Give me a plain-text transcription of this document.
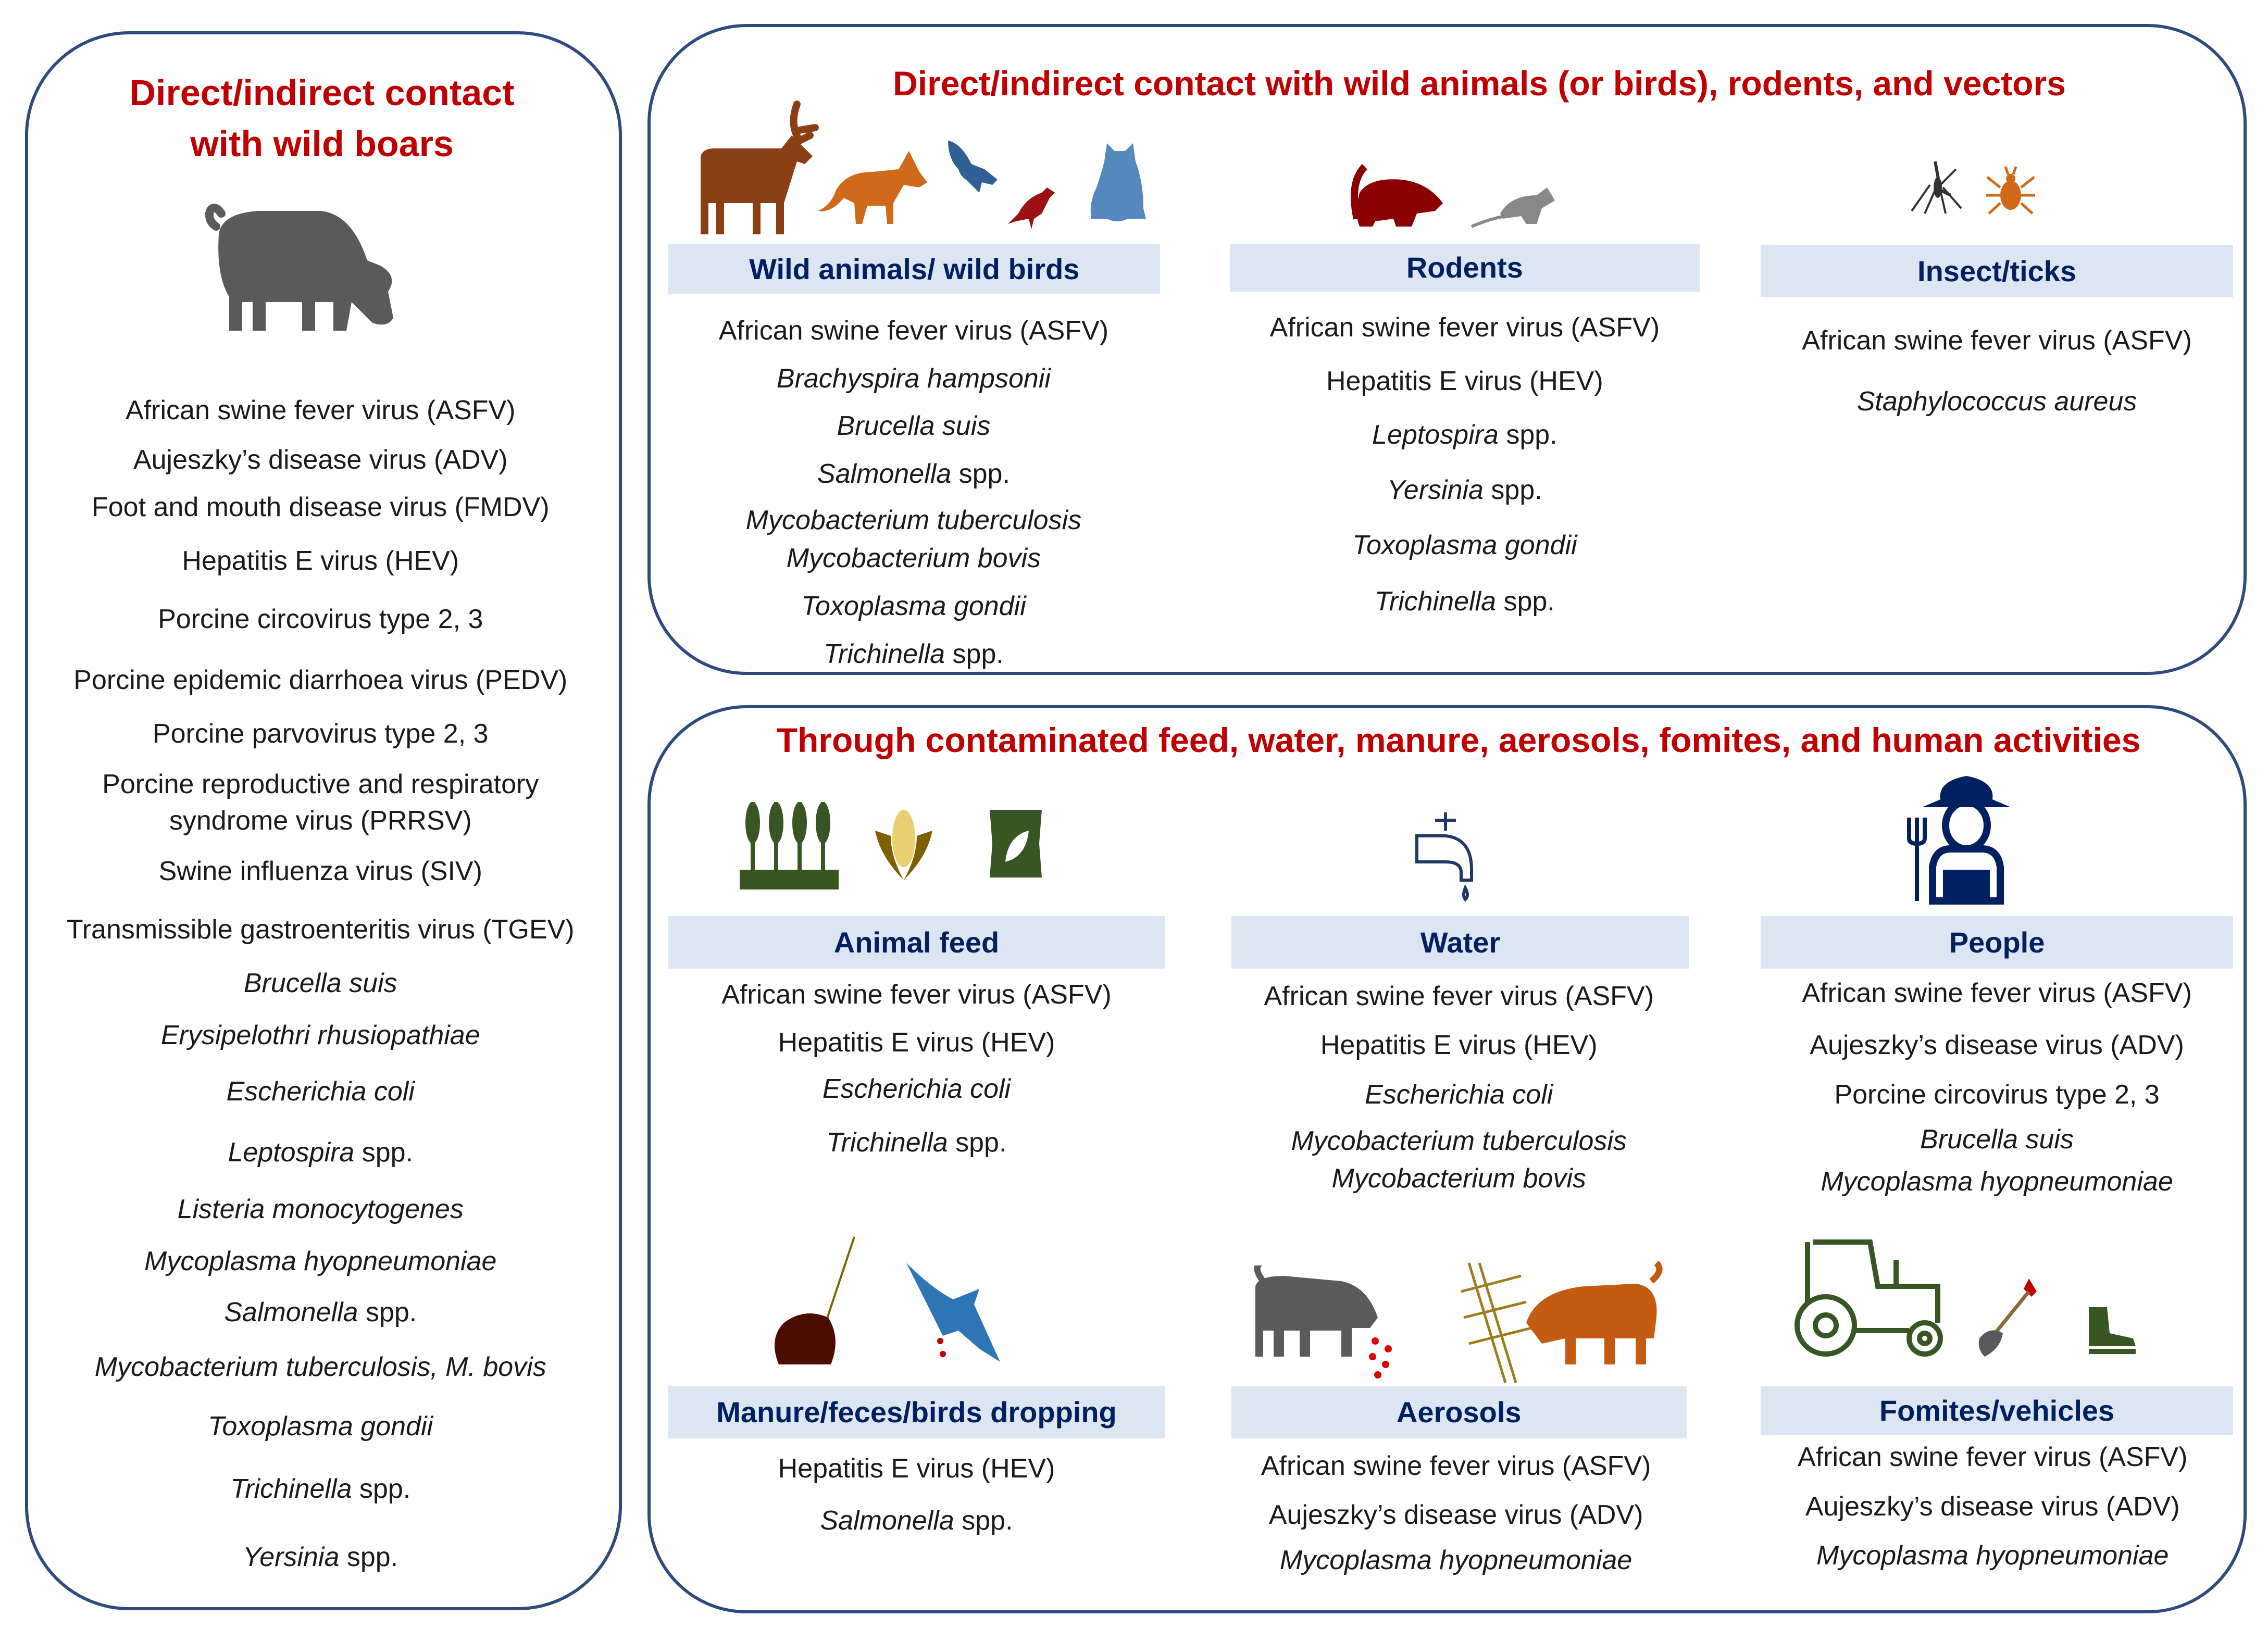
Direct/indirect contact
with wild boars
African swine fever virus (ASFV)
Aujeszky’s disease virus (ADV)
Foot and mouth disease virus (FMDV)
Hepatitis E virus (HEV)
Porcine circovirus type 2, 3
Porcine epidemic diarrhoea virus (PEDV)
Porcine parvovirus type 2, 3
Porcine reproductive and respiratory
syndrome virus (PRRSV)
Swine influenza virus (SIV)
Transmissible gastroenteritis virus (TGEV)
Brucella suis
Erysipelothri rhusiopathiae
Escherichia coli
Leptospira spp.
Listeria monocytogenes
Mycoplasma hyopneumoniae
Salmonella spp.
Mycobacterium tuberculosis, M. bovis
Toxoplasma gondii
Trichinella spp.
Yersinia spp.
Direct/indirect contact with wild animals (or birds), rodents, and vectors
Wild animals/ wild birds
African swine fever virus (ASFV)
Brachyspira hampsonii
Brucella suis
Salmonella spp.
Mycobacterium tuberculosis
Mycobacterium bovis
Toxoplasma gondii
Trichinella spp.
Rodents
African swine fever virus (ASFV)
Hepatitis E virus (HEV)
Leptospira spp.
Yersinia spp.
Toxoplasma gondii
Trichinella spp.
Insect/ticks
African swine fever virus (ASFV)
Staphylococcus aureus
Through contaminated feed, water, manure, aerosols, fomites, and human activities
Animal feed
African swine fever virus (ASFV)
Hepatitis E virus (HEV)
Escherichia coli
Trichinella spp.
Water
African swine fever virus (ASFV)
Hepatitis E virus (HEV)
Escherichia coli
Mycobacterium tuberculosis
Mycobacterium bovis
People
African swine fever virus (ASFV)
Aujeszky’s disease virus (ADV)
Porcine circovirus type 2, 3
Brucella suis
Mycoplasma hyopneumoniae
Manure/feces/birds dropping
Hepatitis E virus (HEV)
Salmonella spp.
Aerosols
African swine fever virus (ASFV)
Aujeszky’s disease virus (ADV)
Mycoplasma hyopneumoniae
Fomites/vehicles
African swine fever virus (ASFV)
Aujeszky’s disease virus (ADV)
Mycoplasma hyopneumoniae
